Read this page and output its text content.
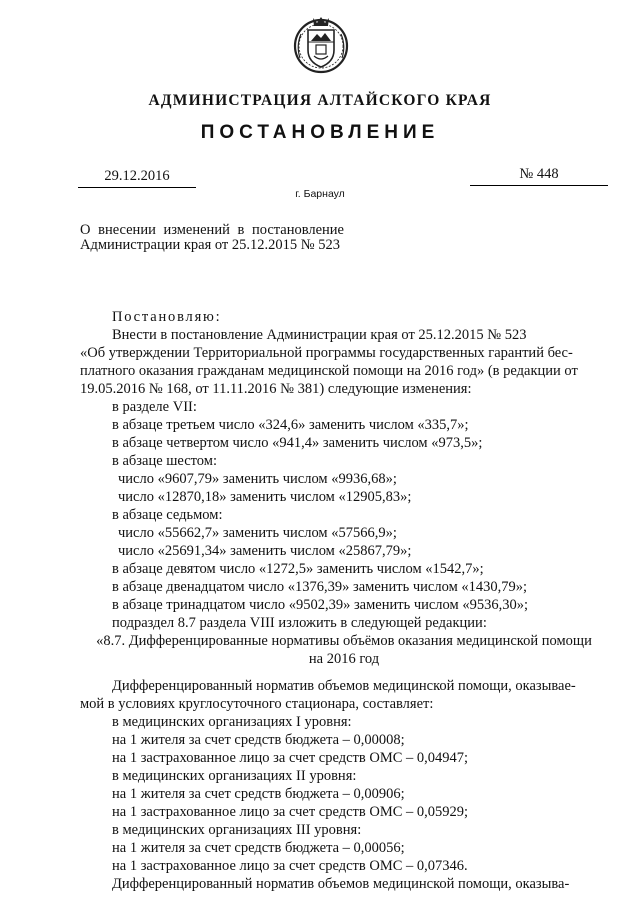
АДМИНИСТРАЦИЯ АЛТАЙСКОГО КРАЯ
ПОСТАНОВЛЕНИЕ
29.12.2016	№ 448
г. Барнаул
О внесении изменений в постановление Администрации края от 25.12.2015 № 523
Постановляю:
Внести в постановление Администрации края от 25.12.2015 № 523
«Об утверждении Территориальной программы государственных гарантий бес-
платного оказания гражданам медицинской помощи на 2016 год» (в редакции от
19.05.2016 № 168, от 11.11.2016 № 381) следующие изменения:
в разделе VII:
в абзаце третьем число «324,6» заменить числом «335,7»;
в абзаце четвертом число «941,4» заменить числом «973,5»;
в абзаце шестом:
число «9607,79» заменить числом «9936,68»;
число «12870,18» заменить числом «12905,83»;
в абзаце седьмом:
число «55662,7» заменить числом «57566,9»;
число «25691,34» заменить числом «25867,79»;
в абзаце девятом число «1272,5» заменить числом «1542,7»;
в абзаце двенадцатом число «1376,39» заменить числом «1430,79»;
в абзаце тринадцатом число «9502,39» заменить числом «9536,30»;
подраздел 8.7 раздела VIII изложить в следующей редакции:
«8.7. Дифференцированные нормативы объёмов оказания медицинской помощи
на 2016 год
Дифференцированный норматив объемов медицинской помощи, оказывае-
мой в условиях круглосуточного стационара, составляет:
в медицинских организациях I уровня:
на 1 жителя за счет средств бюджета – 0,00008;
на 1 застрахованное лицо за счет средств ОМС – 0,04947;
в медицинских организациях II уровня:
на 1 жителя за счет средств бюджета – 0,00906;
на 1 застрахованное лицо за счет средств ОМС – 0,05929;
в медицинских организациях III уровня:
на 1 жителя за счет средств бюджета – 0,00056;
на 1 застрахованное лицо за счет средств ОМС – 0,07346.
Дифференцированный норматив объемов медицинской помощи, оказыва-
